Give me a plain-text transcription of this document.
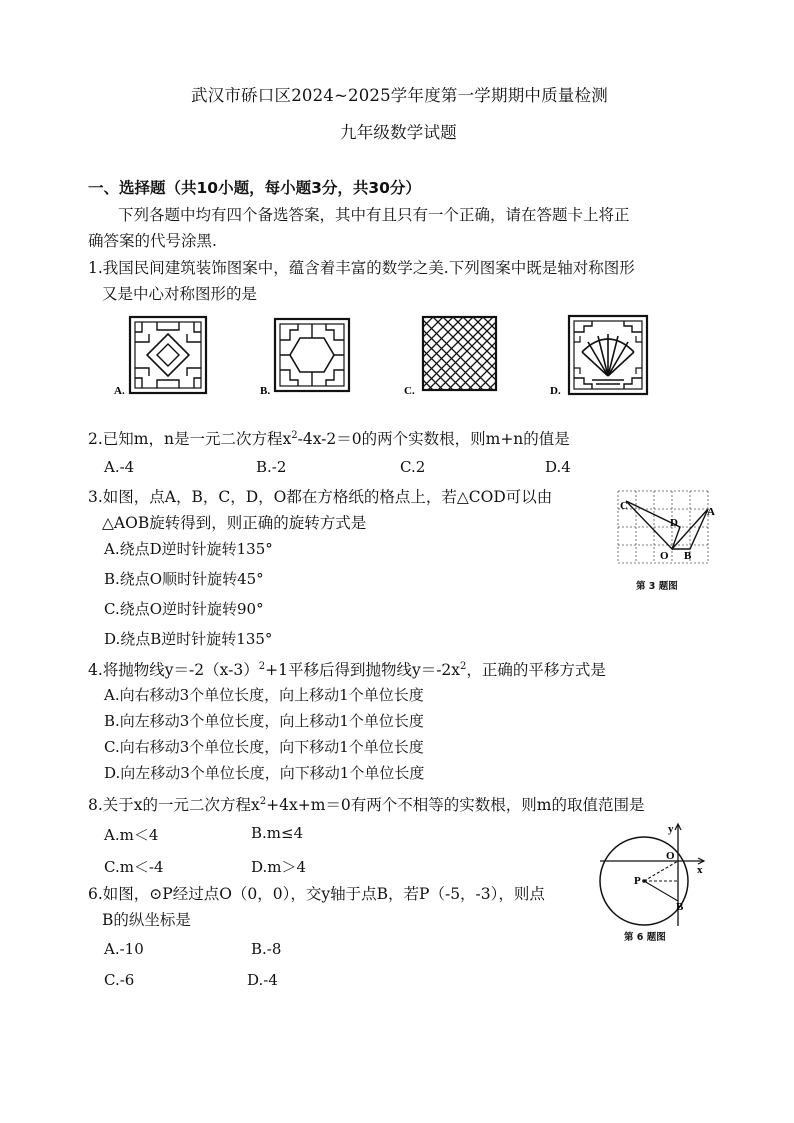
武汉市硚口区2024~2025学年度第一学期期中质量检测
九年级数学试题
一、选择题（共10小题，每小题3分，共30分）
下列各题中均有四个备选答案，其中有且只有一个正确，请在答题卡上将正
确答案的代号涂黑.
1.我国民间建筑装饰图案中，蕴含着丰富的数学之美.下列图案中既是轴对称图形
又是中心对称图形的是
A.	B.	C.	D.
2.已知m，n是一元二次方程$x^2-4x-2=0$的两个实数根，则m+n的值是
A.-4	B.-2	C.2	D.4
3.如图，点A，B，C，D，O都在方格纸的格点上，若△COD可以由
△AOB旋转得到，则正确的旋转方式是
A.绕点D逆时针旋转135°
B.绕点O顺时针旋转45°
C.绕点O逆时针旋转90°
D.绕点B逆时针旋转135°
C
D
A
O B
第 3 题图
4.将抛物线$y=-2(x-3)^2+1$平移后得到抛物线$y=-2x^2$，正确的平移方式是
A.向右移动3个单位长度，向上移动1个单位长度
B.向左移动3个单位长度，向上移动1个单位长度
C.向右移动3个单位长度，向下移动1个单位长度
D.向左移动3个单位长度，向下移动1个单位长度
8.关于x的一元二次方程$x^2+4x+m=0$有两个不相等的实数根，则m的取值范围是
A.m＜4	B.m≤4
C.m＜-4	D.m＞4
6.如图，⊙P经过点O（0，0），交y轴于点B，若P（-5，-3），则点
B的纵坐标是
A.-10	B.-8
C.-6	D.-4
y
x
O
P
B
第 6 题图
